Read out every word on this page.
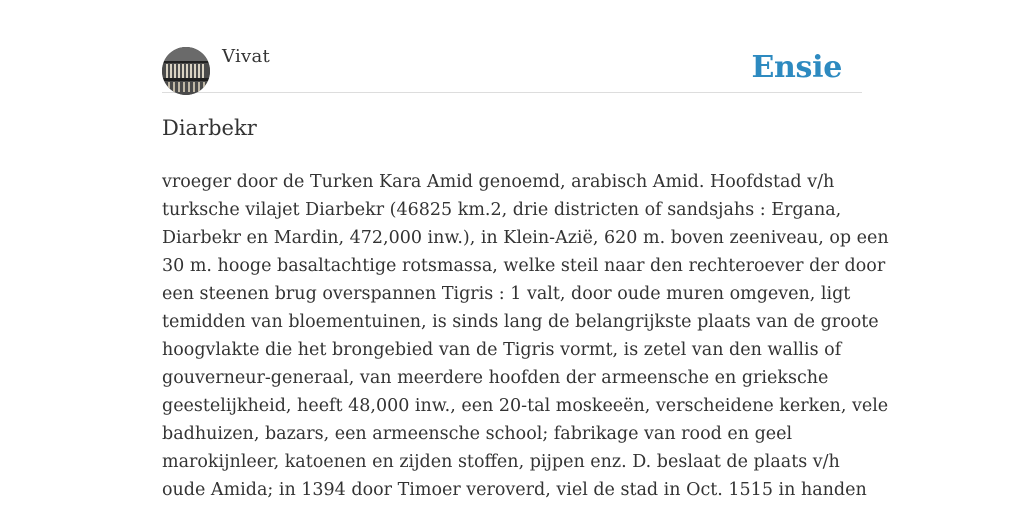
Vivat	Ensie
Diarbekr
vroeger door de Turken Kara Amid genoemd, arabisch Amid. Hoofdstad v/h
turksche vilajet Diarbekr (46825 km.2, drie districten of sandsjahs : Ergana,
Diarbekr en Mardin, 472,000 inw.), in Klein-Azië, 620 m. boven zeeniveau, op een
30 m. hooge basaltachtige rotsmassa, welke steil naar den rechteroever der door
een steenen brug overspannen Tigris : 1 valt, door oude muren omgeven, ligt
temidden van bloementuinen, is sinds lang de belangrijkste plaats van de groote
hoogvlakte die het brongebied van de Tigris vormt, is zetel van den wallis of
gouverneur-generaal, van meerdere hoofden der armeensche en grieksche
geestelijkheid, heeft 48,000 inw., een 20-tal moskeeën, verscheidene kerken, vele
badhuizen, bazars, een armeensche school; fabrikage van rood en geel
marokijnleer, katoenen en zijden stoffen, pijpen enz. D. beslaat de plaats v/h
oude Amida; in 1394 door Timoer veroverd, viel de stad in Oct. 1515 in handen
